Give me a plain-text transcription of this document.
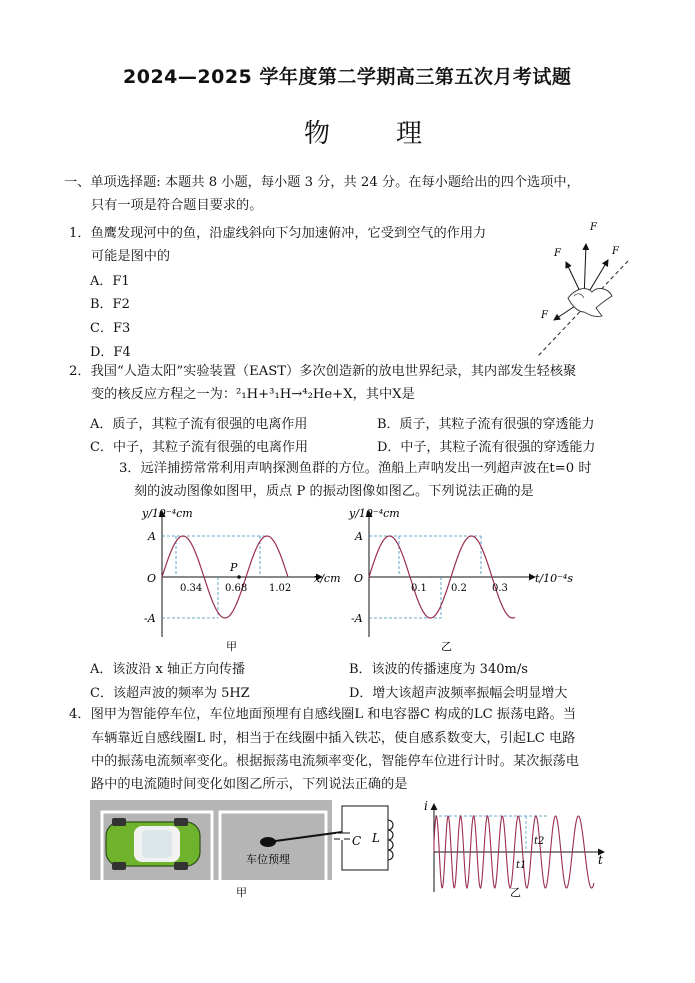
2024—2025 学年度第二学期高三第五次月考试题
物　理
一、单项选择题: 本题共 8 小题，每小题 3 分，共 24 分。在每小题给出的四个选项中，
只有一项是符合题目要求的。
1．鱼鹰发现河中的鱼，沿虚线斜向下匀加速俯冲，它受到空气的作用力
可能是图中的
A．F1
B．F2
C．F3
D．F4
F
F
F
F
2．我国“人造太阳”实验装置（EAST）多次创造新的放电世界纪录，其内部发生轻核聚
变的核反应方程之一为：²₁H+³₁H→⁴₂He+X，其中X是
A．质子，其粒子流有很强的电离作用	B．质子，其粒子流有很强的穿透能力
C．中子，其粒子流有很强的电离作用	D．中子，其粒子流有很强的穿透能力
3．远洋捕捞常常利用声呐探测鱼群的方位。渔船上声呐发出一列超声波在t=0 时
刻的波动图像如图甲，质点 P 的振动图像如图乙。下列说法正确的是
y/10⁻⁴cm
A
-A
O
P
0.34 0.68 1.02
x/cm
甲
y/10⁻⁴cm
A
-A
O
0.1 0.2	0.3
t/10⁻⁴s
乙
A．该波沿 x 轴正方向传播	B．该波的传播速度为 340m/s
C．该超声波的频率为 5HZ	D．增大该超声波频率振幅会明显增大
4．图甲为智能停车位，车位地面预埋有自感线圈L 和电容器C 构成的LC 振荡电路。当
车辆靠近自感线圈L 时，相当于在线圈中插入铁芯，使自感系数变大，引起LC 电路
中的振荡电流频率变化。根据振荡电流频率变化，智能停车位进行计时。某次振荡电
路中的电流随时间变化如图乙所示，下列说法正确的是
车位预埋
C L
甲
i
t
t1
t2
乙
